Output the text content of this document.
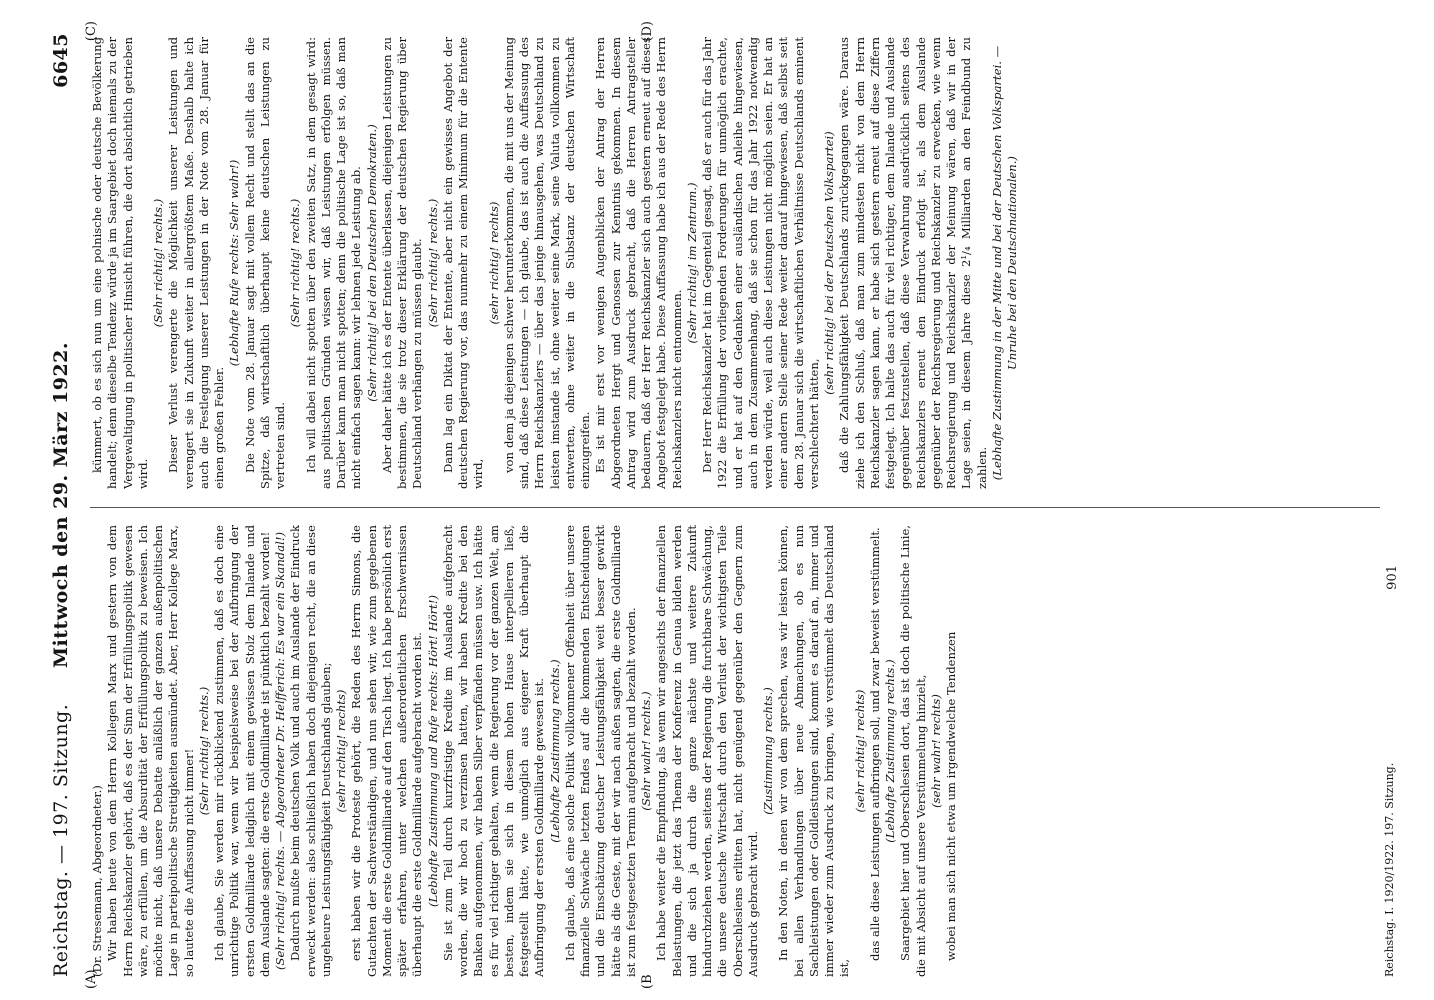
Reichstag. — 197. Sitzung.
Mittwoch den 29. März 1922.
6645

(Dr. Stresemann, Abgeordneter.) Wir haben heute von dem Herrn Kollegen Marx und gestern von dem Herrn Reichskanzler gehört, daß es der Sinn der Erfüllungspolitik gewesen wäre, zu erfüllen, um die Absurdität der Erfüllungspolitik zu beweisen. Ich möchte nicht, daß unsere Debatte anläßlich der ganzen außenpolitischen Lage in parteipolitische Streitigkeiten ausmündet. Aber, Herr Kollege Marx, so lautete die Auffassung nicht immer! (Sehr richtig! rechts.) Ich glaube, Sie werden mir rückblickend zustimmen, daß es doch eine unrichtige Politik war, wenn wir beispielsweise bei der Aufbringung der ersten Goldmilliarde lediglich mit einem gewissen Stolz dem Inlande und dem Auslande sagten: die erste Goldmilliarde ist pünktlich bezahlt worden! (Sehr richtig! rechts. — Abgeordneter Dr. Helfferich: Es war ein Skandal!) Dadurch mußte beim deutschen Volk und auch im Auslande der Eindruck erweckt werden: also schließlich haben doch diejenigen recht, die an diese ungeheure Leistungsfähigkeit Deutschlands glauben; (sehr richtig! rechts) erst haben wir die Proteste gehört, die Reden des Herrn Simons, die Gutachten der Sachverständigen, und nun sehen wir, wie zum gegebenen Moment die erste Goldmilliarde auf den Tisch liegt. Ich habe persönlich erst später erfahren, unter welchen außerordentlichen Erschwernissen überhaupt die erste Goldmilliarde aufgebracht worden ist. (Lebhafte Zustimmung und Rufe rechts: Hört! Hört!) Sie ist zum Teil durch kurzfristige Kredite im Auslande aufgebracht worden, die wir hoch zu verzinsen hatten, wir haben Kredite bei den Banken aufgenommen, wir haben Silber verpfänden müssen usw. Ich hätte es für viel richtiger gehalten, wenn die Regierung vor der ganzen Welt, am besten, indem sie sich in diesem hohen Hause interpellieren ließ, festgestellt hätte, wie unmöglich aus eigener Kraft überhaupt die Aufbringung der ersten Goldmilliarde gewesen ist. (Lebhafte Zustimmung rechts.) Ich glaube, daß eine solche Politik vollkommener Offenheit über unsere finanzielle Schwäche letzten Endes auf die kommenden Entscheidungen und die Einschätzung deutscher Leistungsfähigkeit weit besser gewirkt hätte als die Geste, mit der wir nach außen sagten, die erste Goldmilliarde ist zum festgesetzten Termin aufgebracht und bezahlt worden. (Sehr wahr! rechts.) Ich habe weiter die Empfindung, als wenn wir angesichts der finanziellen Belastungen, die jetzt das Thema der Konferenz in Genua bilden werden und die sich ja durch die ganze nächste und weitere Zukunft hindurchziehen werden, seitens der Regierung die furchtbare Schwächung, die unsere deutsche Wirtschaft durch den Verlust der wichtigsten Teile Oberschlesiens erlitten hat, nicht genügend gegenüber den Gegnern zum Ausdruck gebracht wird.

(Zustimmung rechts.) In den Noten, in denen wir von dem sprechen, was wir leisten können, bei allen Verhandlungen über neue Abmachungen, ob es nun Sachleistungen oder Goldleistungen sind, kommt es darauf an, immer und immer wieder zum Ausdruck zu bringen, wie verstümmelt das Deutschland ist,

(sehr richtig! rechts) das alle diese Leistungen aufbringen soll, und zwar beweist verstümmelt. (Lebhafte Zustimmung rechts.) Saargebiet hier und Oberschlesien dort, das ist doch die politische Linie, die mit Absicht auf unsere Verstümmelung hinzielt, (sehr wahr! rechts) wobei man sich nicht etwa um irgendwelche Tendenzen

kümmert, ob es sich nun um eine polnische oder deutsche Bevölkerung handelt; denn dieselbe Tendenz würde ja im Saargebiet doch niemals zu der Vergewaltigung in politischer Hinsicht führen, die dort absichtlich getrieben wird.

(Sehr richtig! rechts.) Dieser Verlust verengerte die Möglichkeit unserer Leistungen und verengert sie in Zukunft weiter in allergrößtem Maße. Deshalb halte ich auch die Festlegung unserer Leistungen in der Note vom 28. Januar für einen großen Fehler.

(Lebhafte Rufe rechts: Sehr wahr!) Die Note vom 28. Januar sagt mit vollem Recht und stellt das an die Spitze, daß wirtschaftlich überhaupt keine deutschen Leistungen zu vertreten sind.

(Sehr richtig! rechts.) Ich will dabei nicht spotten über den zweiten Satz, in dem gesagt wird: aus politischen Gründen wissen wir, daß Leistungen erfolgen müssen. Darüber kann man nicht spotten; denn die politische Lage ist so, daß man nicht einfach sagen kann: wir lehnen jede Leistung ab. (Sehr richtig! bei den Deutschen Demokraten.) Aber daher hätte ich es der Entente überlassen, diejenigen Leistungen zu bestimmen, die sie trotz dieser Erklärung der deutschen Regierung über Deutschland verhängen zu müssen glaubt. (Sehr richtig! rechts.) Dann lag ein Diktat der Entente, aber nicht ein gewisses Angebot der deutschen Regierung vor, das nunmehr zu einem Minimum für die Entente wird,

(sehr richtig! rechts) von dem ja diejenigen schwer herunterkommen, die mit uns der Meinung sind, daß diese Leistungen — ich glaube, das ist auch die Auffassung des Herrn Reichskanzlers — über das jenige hinausgehen, was Deutschland zu leisten imstande ist, ohne weiter seine Mark, seine Valuta vollkommen zu entwerten, ohne weiter in die Substanz der deutschen Wirtschaft einzugreifen. Es ist mir erst vor wenigen Augenblicken der Antrag der Herren Abgeordneten Hergt und Genossen zur Kenntnis gekommen. In diesem Antrag wird zum Ausdruck gebracht, daß die Herren Antragsteller bedauern, daß der Herr Reichskanzler sich auch gestern erneut auf dieses Angebot festgelegt habe. Diese Auffassung habe ich aus der Rede des Herrn Reichskanzlers nicht entnommen.

(Sehr richtig! im Zentrum.) Der Herr Reichskanzler hat im Gegenteil gesagt, daß er auch für das Jahr 1922 die Erfüllung der vorliegenden Forderungen für unmöglich erachte, und er hat auf den Gedanken einer ausländischen Anleihe hingewiesen, auch in dem Zusammenhang, daß sie schon für das Jahr 1922 notwendig werden würde, weil auch diese Leistungen nicht möglich seien. Er hat an einer andern Stelle seiner Rede weiter darauf hingewiesen, daß selbst seit dem 28. Januar sich die wirtschaftlichen Verhältnisse Deutschlands eminent verschlechtert hätten,

(sehr richtig! bei der Deutschen Volkspartei) daß die Zahlungsfähigkeit Deutschlands zurückgegangen wäre. Daraus ziehe ich den Schluß, daß man zum mindesten nicht von dem Herrn Reichskanzler sagen kann, er habe sich gestern erneut auf diese Ziffern festgelegt. Ich halte das auch für viel richtiger, dem Inlande und Auslande gegenüber festzustellen, daß diese Verwahrung ausdrücklich seitens des Reichskanzlers erneut den Eindruck erfolgt ist, als dem Auslande gegenüber der Reichsregierung und Reichskanzler zu erwecken, wie wenn Reichsregierung und Reichskanzler der Meinung wären, daß wir in der Lage seien, in diesem Jahre diese 2¹/₄ Milliarden an den Feindbund zu zahlen. (Lebhafte Zustimmung in der Mitte und bei der Deutschen Volkspartei. — Unruhe bei den Deutschnationalen.)

(A)	(B
(C)	(D)
Reichstag. I. 1920/1922. 197. Sitzung.
901
